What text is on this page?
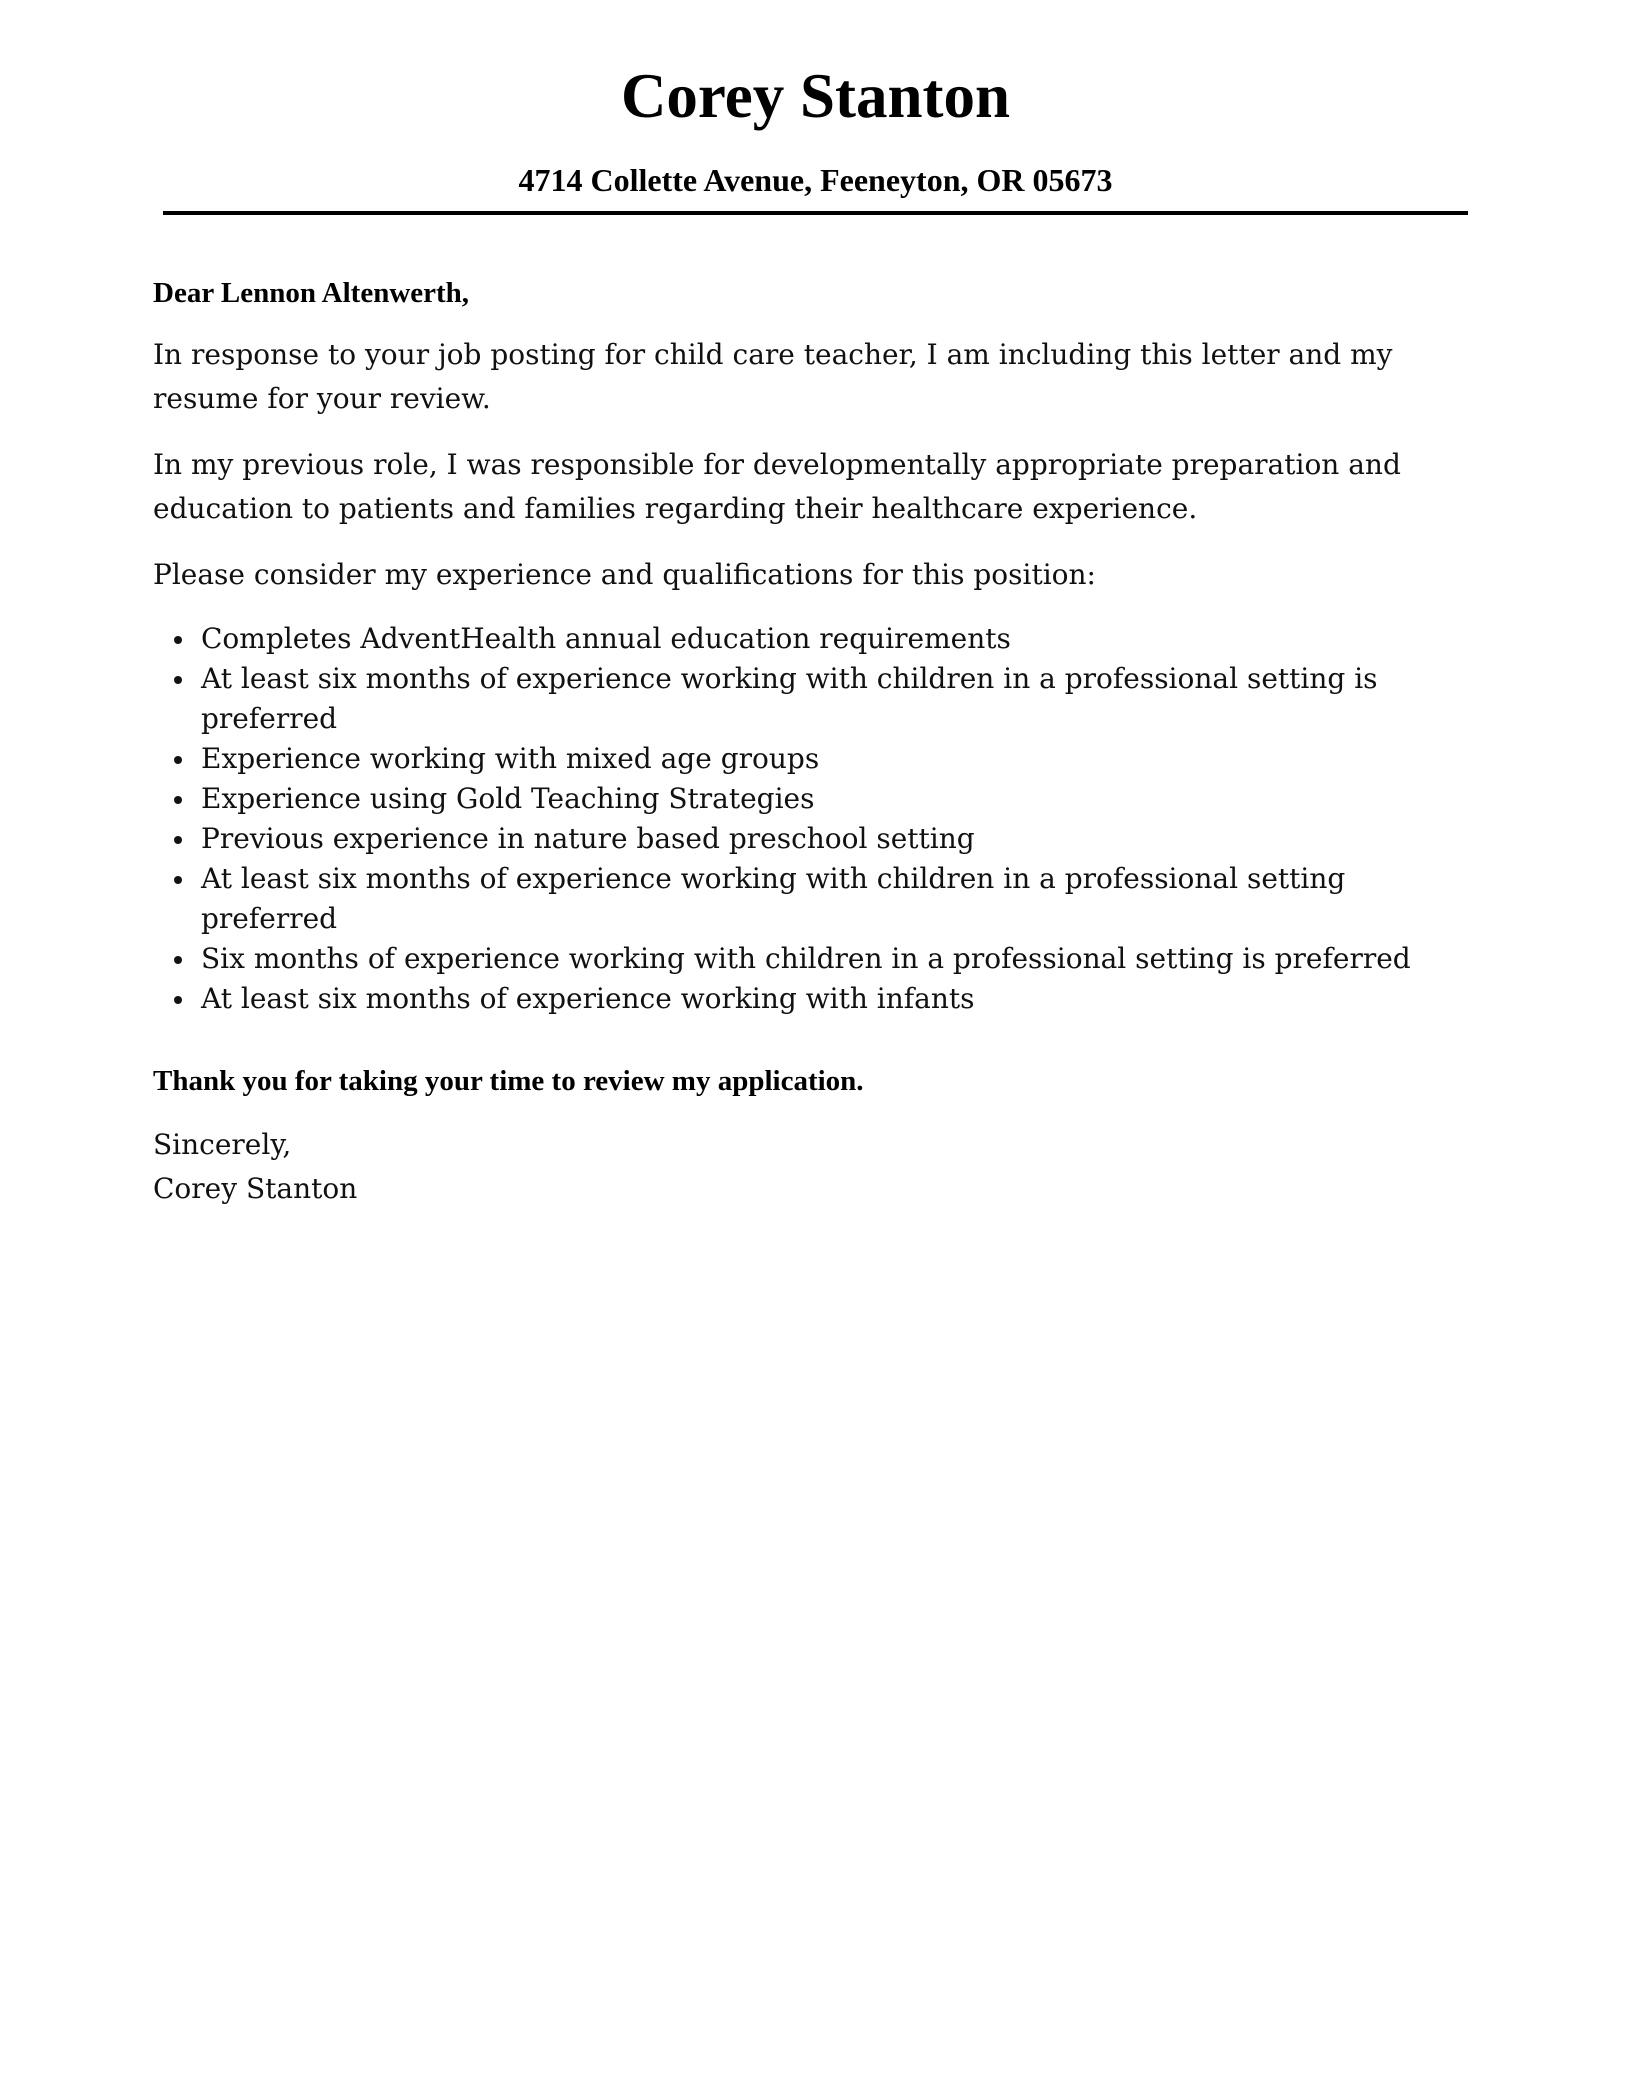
Corey Stanton
4714 Collette Avenue, Feeneyton, OR 05673

Dear Lennon Altenwerth,

In response to your job posting for child care teacher, I am including this letter and my resume for your review.

In my previous role, I was responsible for developmentally appropriate preparation and education to patients and families regarding their healthcare experience.

Please consider my experience and qualifications for this position:

Completes AdventHealth annual education requirements
At least six months of experience working with children in a professional setting is preferred
Experience working with mixed age groups
Experience using Gold Teaching Strategies
Previous experience in nature based preschool setting
At least six months of experience working with children in a professional setting preferred
Six months of experience working with children in a professional setting is preferred
At least six months of experience working with infants

Thank you for taking your time to review my application.

Sincerely,

Corey Stanton
